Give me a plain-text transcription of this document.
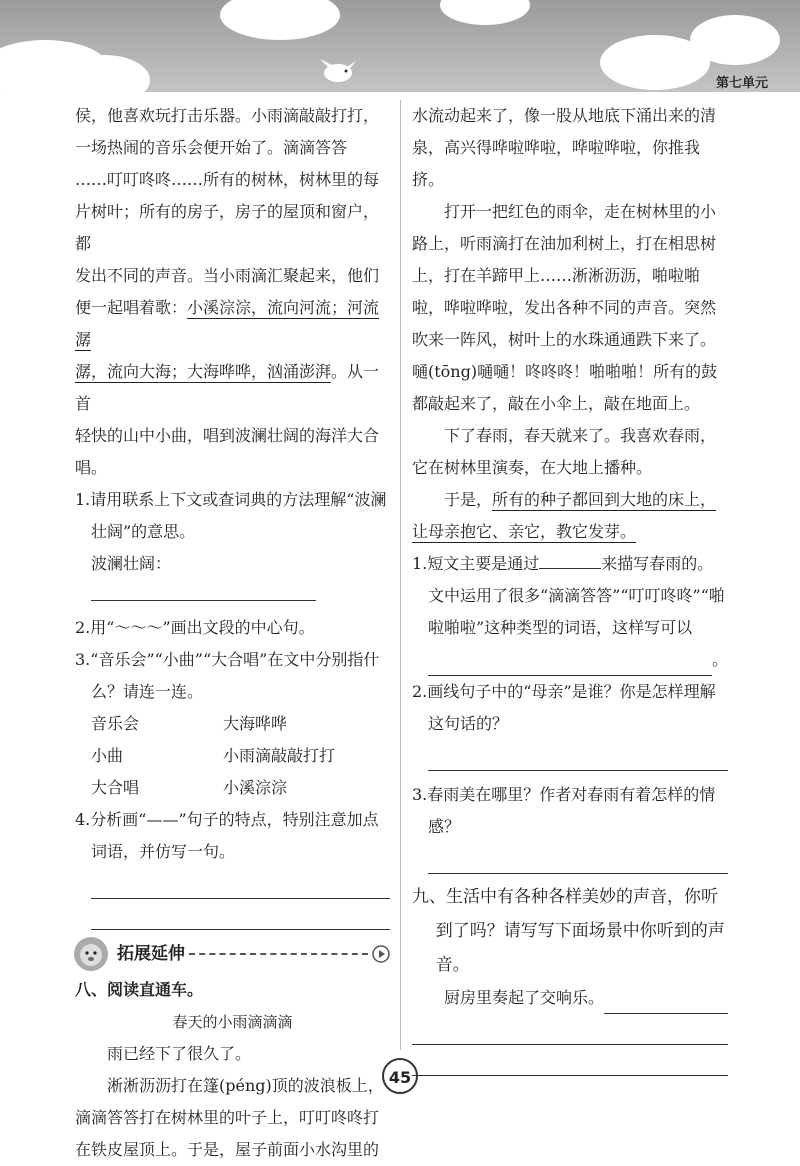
第七单元

侯，他喜欢玩打击乐器。小雨滴敲敲打打，

一场热闹的音乐会便开始了。滴滴答答

……叮叮咚咚……所有的树林，树林里的每

片树叶；所有的房子，房子的屋顶和窗户，都

发出不同的声音。当小雨滴汇聚起来，他们

便一起唱着歌：小溪淙淙，流向河流；河流潺

潺，流向大海；大海哗哗，汹涌澎湃。从一首

轻快的山中小曲，唱到波澜壮阔的海洋大合

唱。

1.请用联系上下文或查词典的方法理解“波澜壮阔”的意思。

波澜壮阔：

2.用“～～～”画出文段的中心句。

3.“音乐会”“小曲”“大合唱”在文中分别指什么？请连一连。

音乐会	大海哗哗
小曲	小雨滴敲敲打打
大合唱	小溪淙淙

4.分析画“——”句子的特点，特别注意加点词语，并仿写一句。

拓展延伸

八、阅读直通车。

春天的小雨滴滴滴

雨已经下了很久了。

淅淅沥沥打在篷(péng)顶的波浪板上，滴滴答答打在树林里的叶子上，叮叮咚咚打在铁皮屋顶上。于是，屋子前面小水沟里的

水流动起来了，像一股从地底下涌出来的清泉，高兴得哗啦哗啦，哗啦哗啦，你推我挤。

打开一把红色的雨伞，走在树林里的小路上，听雨滴打在油加利树上，打在相思树上，打在羊蹄甲上……淅淅沥沥，啪啦啪啦，哗啦哗啦，发出各种不同的声音。突然吹来一阵风，树叶上的水珠通通跌下来了。嗵(tōng)嗵嗵！咚咚咚！啪啪啪！所有的鼓都敲起来了，敲在小伞上，敲在地面上。

下了春雨，春天就来了。我喜欢春雨，它在树林里演奏，在大地上播种。

于是，所有的种子都回到大地的床上，让母亲抱它、亲它，教它发芽。

1.短文主要是通过	来描写春雨的。文中运用了很多“滴滴答答”“叮叮咚咚”“啪啦啪啦”这种类型的词语，这样写可以

。

2.画线句子中的“母亲”是谁？你是怎样理解这句话的？

3.春雨美在哪里？作者对春雨有着怎样的情感？

九、生活中有各种各样美妙的声音，你听到了吗？请写写下面场景中你听到的声音。

厨房里奏起了交响乐。

45
